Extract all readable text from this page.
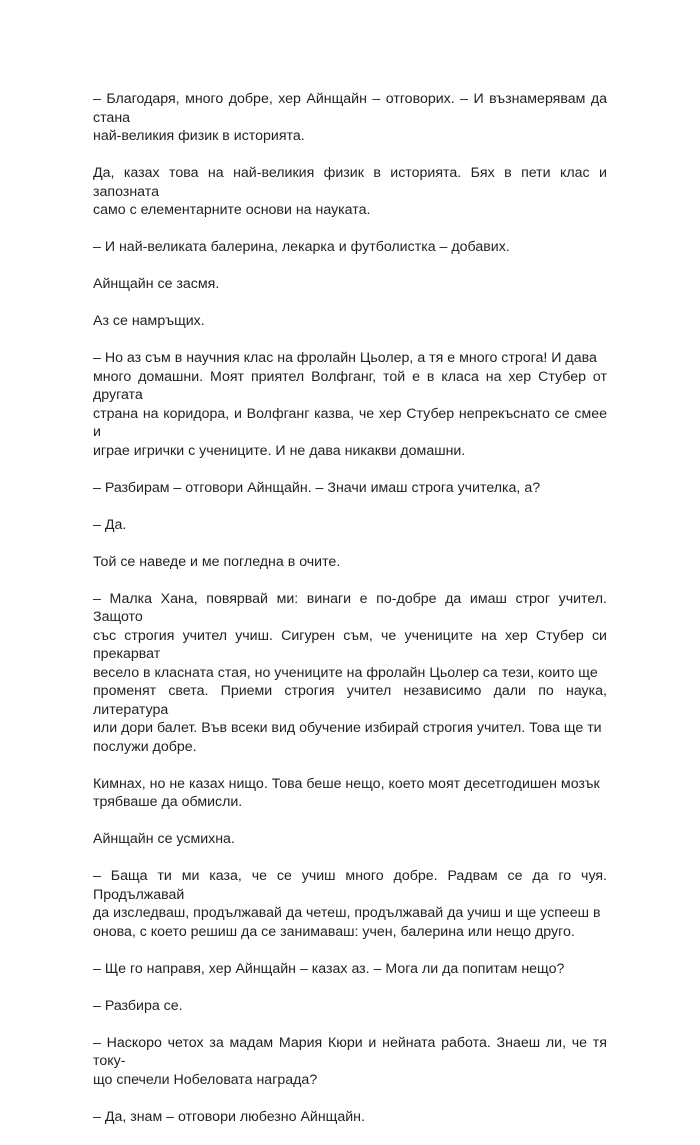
– Благодаря, много добре, хер Айнщайн – отговорих. – И възнамерявам да стана
най-великия физик в историята.

Да, казах това на най-великия физик в историята. Бях в пети клас и запозната
само с елементарните основи на науката.

– И най-великата балерина, лекарка и футболистка – добавих.

Айнщайн се засмя.

Аз се намръщих.

– Но аз съм в научния клас на фролайн Цьолер, а тя е много строга! И дава
много домашни. Моят приятел Волфганг, той е в класа на хер Стубер от другата
страна на коридора, и Волфганг казва, че хер Стубер непрекъснато се смее и
играе игрички с учениците. И не дава никакви домашни.

– Разбирам – отговори Айнщайн. – Значи имаш строга учителка, а?

– Да.

Той се наведе и ме погледна в очите.

– Малка Хана, повярвай ми: винаги е по-добре да имаш строг учител. Защото
със строгия учител учиш. Сигурен съм, че учениците на хер Стубер си прекарват
весело в класната стая, но учениците на фролайн Цьолер са тези, които ще
променят света. Приеми строгия учител независимо дали по наука, литература
или дори балет. Във всеки вид обучение избирай строгия учител. Това ще ти
послужи добре.

Кимнах, но не казах нищо. Това беше нещо, което моят десетгодишен мозък
трябваше да обмисли.

Айнщайн се усмихна.

– Баща ти ми каза, че се учиш много добре. Радвам се да го чуя. Продължавай
да изследваш, продължавай да четеш, продължавай да учиш и ще успееш в
онова, с което решиш да се занимаваш: учен, балерина или нещо друго.

– Ще го направя, хер Айнщайн – казах аз. – Мога ли да попитам нещо?

– Разбира се.

– Наскоро четох за мадам Мария Кюри и нейната работа. Знаеш ли, че тя току-
що спечели Нобеловата награда?

– Да, знам – отговори любезно Айнщайн.
